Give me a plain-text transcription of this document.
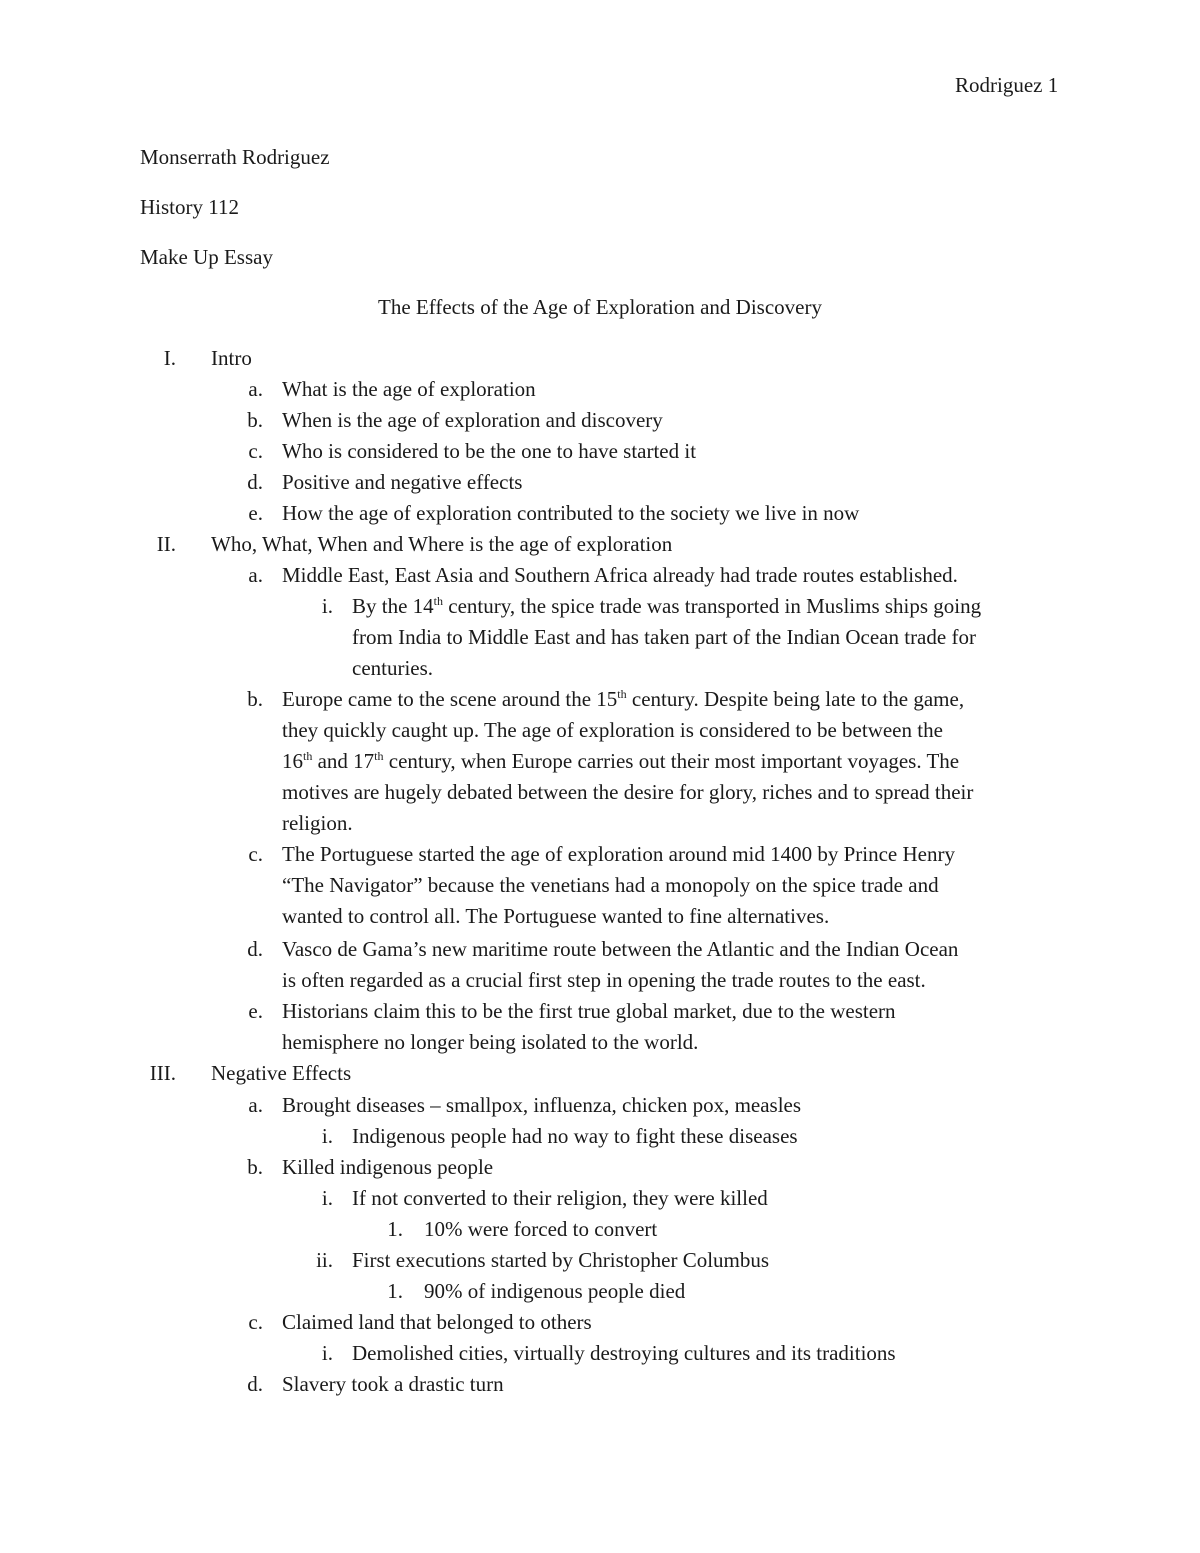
Rodriguez 1
Monserrath Rodriguez
History 112
Make Up Essay
The Effects of the Age of Exploration and Discovery
I. Intro
a. What is the age of exploration
b. When is the age of exploration and discovery
c. Who is considered to be the one to have started it
d. Positive and negative effects
e. How the age of exploration contributed to the society we live in now
II. Who, What, When and Where is the age of exploration
a. Middle East, East Asia and Southern Africa already had trade routes established.
i. By the 14th century, the spice trade was transported in Muslims ships going
from India to Middle East and has taken part of the Indian Ocean trade for
centuries.
b. Europe came to the scene around the 15th century. Despite being late to the game,
they quickly caught up. The age of exploration is considered to be between the
16th and 17th century, when Europe carries out their most important voyages. The
motives are hugely debated between the desire for glory, riches and to spread their
religion.
c. The Portuguese started the age of exploration around mid 1400 by Prince Henry
“The Navigator” because the venetians had a monopoly on the spice trade and
wanted to control all. The Portuguese wanted to fine alternatives.
d. Vasco de Gama’s new maritime route between the Atlantic and the Indian Ocean
is often regarded as a crucial first step in opening the trade routes to the east.
e. Historians claim this to be the first true global market, due to the western
hemisphere no longer being isolated to the world.
III. Negative Effects
a. Brought diseases – smallpox, influenza, chicken pox, measles
i. Indigenous people had no way to fight these diseases
b. Killed indigenous people
i. If not converted to their religion, they were killed
1. 10% were forced to convert
ii. First executions started by Christopher Columbus
1. 90% of indigenous people died
c. Claimed land that belonged to others
i. Demolished cities, virtually destroying cultures and its traditions
d. Slavery took a drastic turn
